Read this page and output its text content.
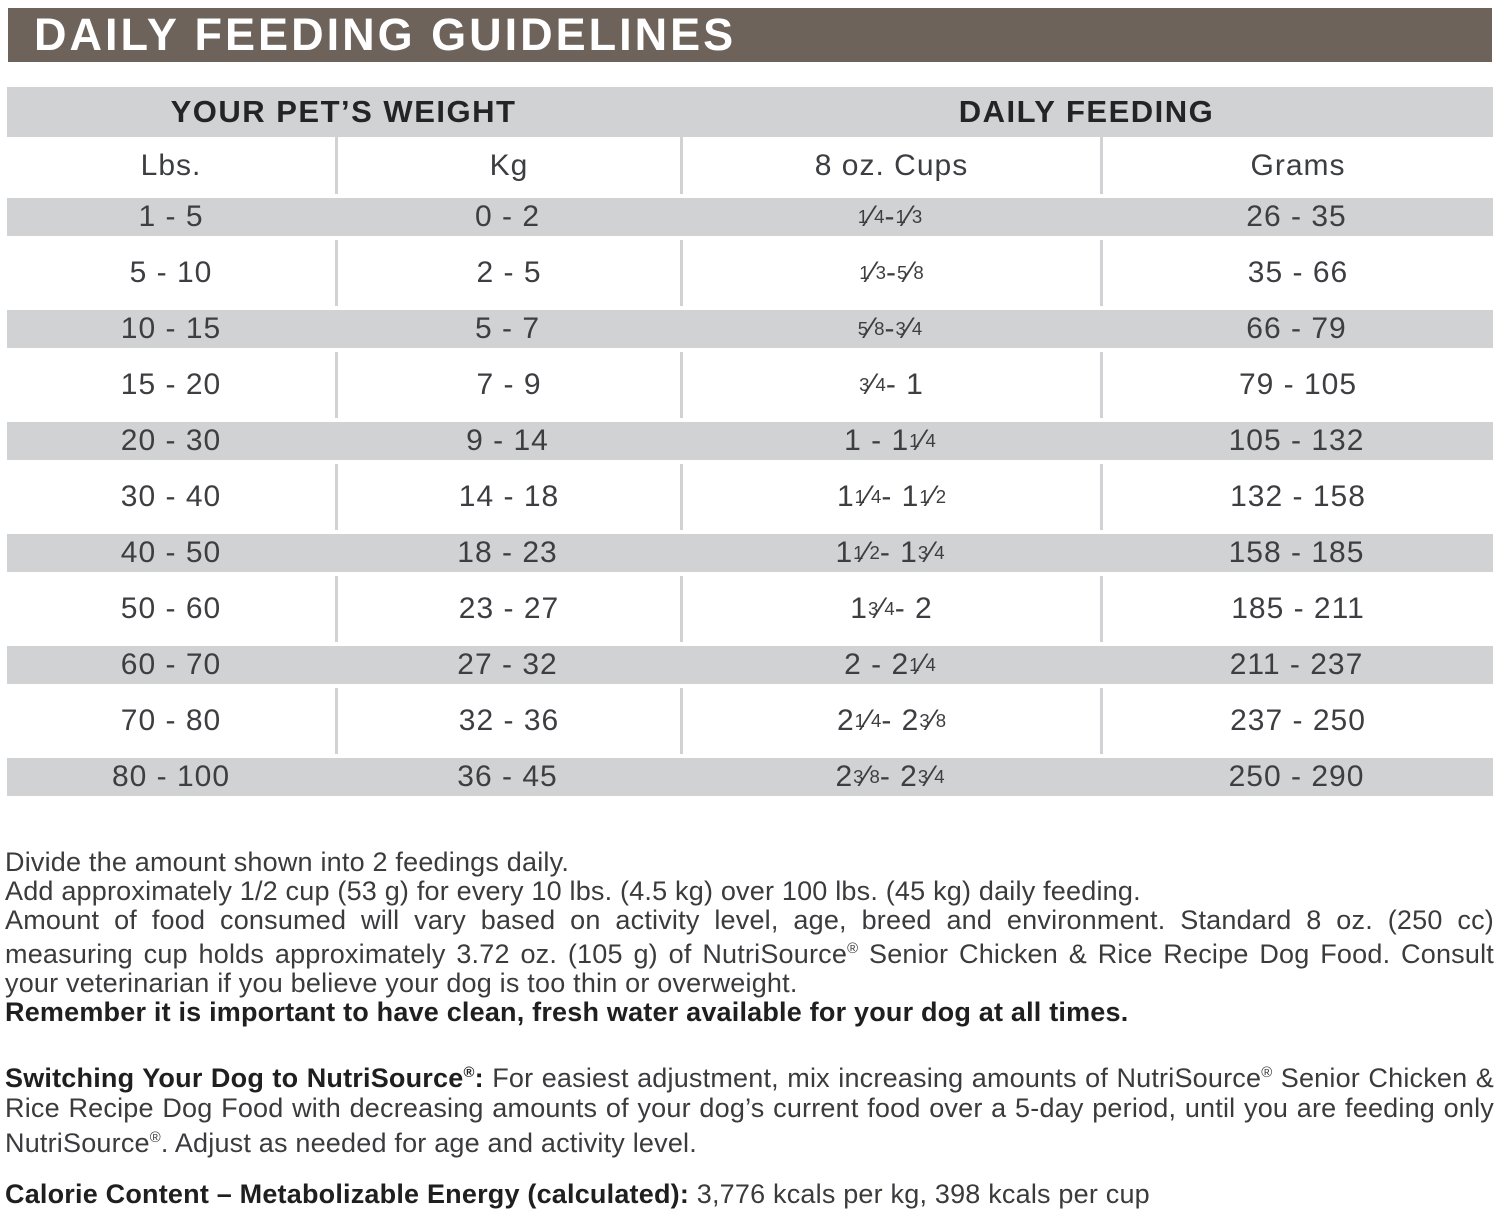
DAILY FEEDING GUIDELINES
YOUR PET’S WEIGHT	DAILY FEEDING
Lbs.	Kg	8 oz. Cups	Grams
1 - 5	0 - 2	1 ⁄ 4 - 1 ⁄ 3	26 - 35
5 - 10	2 - 5	1 ⁄ 3 - 5 ⁄ 8	35 - 66
10 - 15	5 - 7	5 ⁄ 8 - 3 ⁄ 4	66 - 79
15 - 20	7 - 9	3 ⁄ 4 - 1	79 - 105
20 - 30	9 - 14	1 - 1 1 ⁄ 4	105 - 132
30 - 40	14 - 18	1 1 ⁄ 4 - 1 1 ⁄ 2	132 - 158
40 - 50	18 - 23	1 1 ⁄ 2 - 1 3 ⁄ 4	158 - 185
50 - 60	23 - 27	1 3 ⁄ 4 - 2	185 - 211
60 - 70	27 - 32	2 - 2 1 ⁄ 4	211 - 237
70 - 80	32 - 36	2 1 ⁄ 4 - 2 3 ⁄ 8	237 - 250
80 - 100	36 - 45	2 3 ⁄ 8 - 2 3 ⁄ 4	250 - 290

Divide the amount shown into 2 feedings daily.

Add approximately 1/2 cup (53 g) for every 10 lbs. (4.5 kg) over 100 lbs. (45 kg) daily feeding.

Amount of food consumed will vary based on activity level, age, breed and environment. Standard 8 oz. (250 cc) measuring cup holds approximately 3.72 oz. (105 g) of NutriSource® Senior Chicken & Rice Recipe Dog Food. Consult your veterinarian if you believe your dog is too thin or overweight.

Remember it is important to have clean, fresh water available for your dog at all times.

Switching Your Dog to NutriSource®: For easiest adjustment, mix increasing amounts of NutriSource® Senior Chicken & Rice Recipe Dog Food with decreasing amounts of your dog’s current food over a 5-day period, until you are feeding only NutriSource®. Adjust as needed for age and activity level.

Calorie Content – Metabolizable Energy (calculated): 3,776 kcals per kg, 398 kcals per cup
